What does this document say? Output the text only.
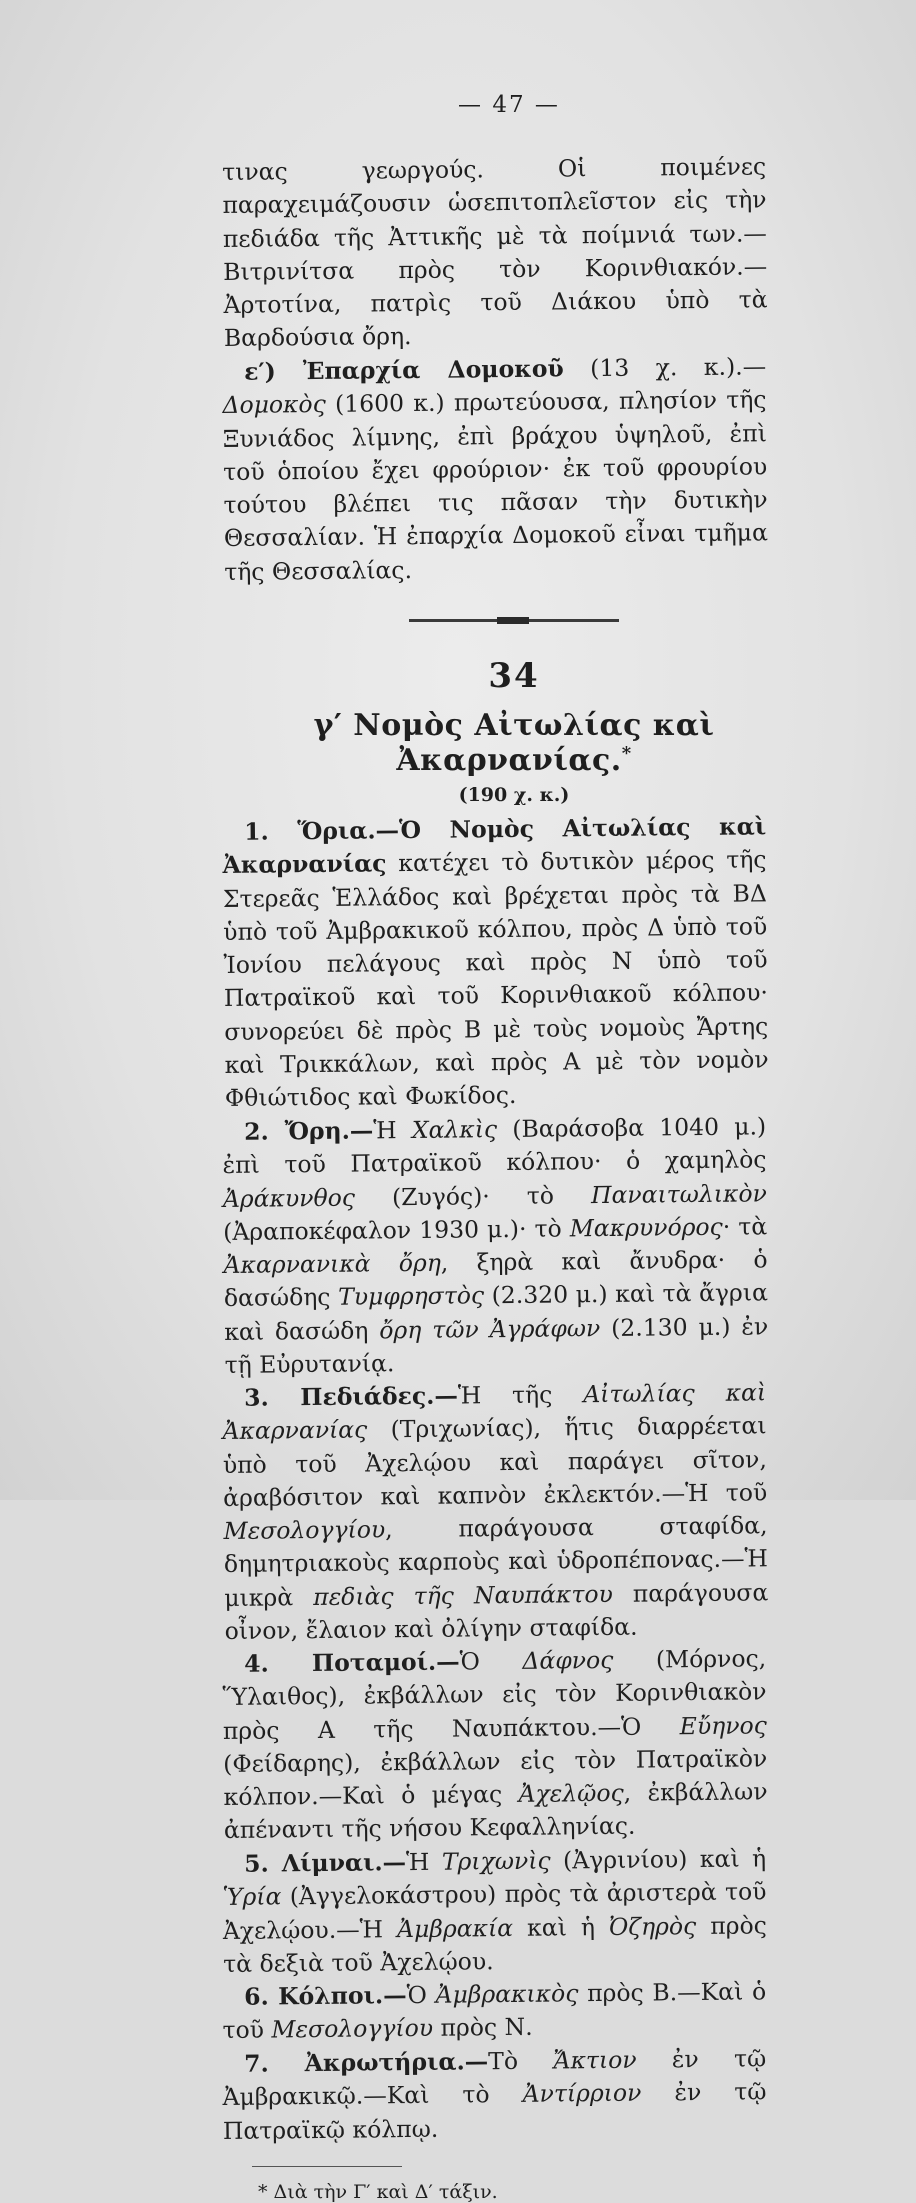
— 47 —

τινας γεωργούς. Οἱ ποιμένες παραχειμάζουσιν ὡσεπιτοπλεῖστον εἰς τὴν πεδιάδα τῆς Ἀττικῆς μὲ τὰ ποίμνιά των.—Βιτρινίτσα πρὸς τὸν Κορινθιακόν.—Ἀρτοτίνα, πατρὶς τοῦ Διάκου ὑπὸ τὰ Βαρδούσια ὄρη.

ε′) Ἐπαρχία Δομοκοῦ (13 χ. κ.).—Δομοκὸς (1600 κ.) πρωτεύουσα, πλησίον τῆς Ξυνιάδος λίμνης, ἐπὶ βράχου ὑψηλοῦ, ἐπὶ τοῦ ὁποίου ἔχει φρούριον· ἐκ τοῦ φρουρίου τούτου βλέπει τις πᾶσαν τὴν δυτικὴν Θεσσαλίαν. Ἡ ἐπαρχία Δομοκοῦ εἶναι τμῆμα τῆς Θεσσαλίας.

34
γ′ Νομὸς Αἰτωλίας καὶ Ἀκαρνανίας.*
(190 χ. κ.)

1. Ὅρια.—Ὁ Νομὸς Αἰτωλίας καὶ Ἀκαρνανίας κατέχει τὸ δυτικὸν μέρος τῆς Στερεᾶς Ἑλλάδος καὶ βρέχεται πρὸς τὰ ΒΔ ὑπὸ τοῦ Ἀμβρακικοῦ κόλπου, πρὸς Δ ὑπὸ τοῦ Ἰονίου πελάγους καὶ πρὸς Ν ὑπὸ τοῦ Πατραϊκοῦ καὶ τοῦ Κορινθιακοῦ κόλπου· συνορεύει δὲ πρὸς Β μὲ τοὺς νομοὺς Ἄρτης καὶ Τρικκάλων, καὶ πρὸς Α μὲ τὸν νομὸν Φθιώτιδος καὶ Φωκίδος.

2. Ὄρη.—Ἡ Χαλκὶς (Βαράσοβα 1040 μ.) ἐπὶ τοῦ Πατραϊκοῦ κόλπου· ὁ χαμηλὸς Ἀράκυνθος (Ζυγός)· τὸ Παναιτωλικὸν (Ἀραποκέφαλον 1930 μ.)· τὸ Μακρυνόρος· τὰ Ἀκαρνανικὰ ὄρη, ξηρὰ καὶ ἄνυδρα· ὁ δασώδης Τυμφρηστὸς (2.320 μ.) καὶ τὰ ἄγρια καὶ δασώδη ὄρη τῶν Ἀγράφων (2.130 μ.) ἐν τῇ Εὐρυτανίᾳ.

3. Πεδιάδες.—Ἡ τῆς Αἰτωλίας καὶ Ἀκαρνανίας (Τριχωνίας), ἥτις διαρρέεται ὑπὸ τοῦ Ἀχελῴου καὶ παράγει σῖτον, ἀραβόσιτον καὶ καπνὸν ἐκλεκτόν.—Ἡ τοῦ Μεσολογγίου, παράγουσα σταφίδα, δημητριακοὺς καρποὺς καὶ ὑδροπέπονας.—Ἡ μικρὰ πεδιὰς τῆς Ναυπάκτου παράγουσα οἶνον, ἔλαιον καὶ ὀλίγην σταφίδα.

4. Ποταμοί.—Ὁ Δάφνος (Μόρνος, Ὕλαιθος), ἐκβάλλων εἰς τὸν Κορινθιακὸν πρὸς Α τῆς Ναυπάκτου.—Ὁ Εὔηνος (Φείδαρης), ἐκβάλλων εἰς τὸν Πατραϊκὸν κόλπον.—Καὶ ὁ μέγας Ἀχελῷος, ἐκβάλλων ἀπέναντι τῆς νήσου Κεφαλληνίας.

5. Λίμναι.—Ἡ Τριχωνὶς (Ἀγρινίου) καὶ ἡ Ὑρία (Ἀγγελοκάστρου) πρὸς τὰ ἀριστερὰ τοῦ Ἀχελῴου.—Ἡ Ἀμβρακία καὶ ἡ Ὀζηρὸς πρὸς τὰ δεξιὰ τοῦ Ἀχελῴου.

6. Κόλποι.—Ὁ Ἀμβρακικὸς πρὸς Β.—Καὶ ὁ τοῦ Μεσολογγίου πρὸς Ν.

7. Ἀκρωτήρια.—Τὸ Ἄκτιον ἐν τῷ Ἀμβρακικῷ.—Καὶ τὸ Ἀντίρριον ἐν τῷ Πατραϊκῷ κόλπῳ.

* Διὰ τὴν Γ′ καὶ Δ′ τάξιν.
